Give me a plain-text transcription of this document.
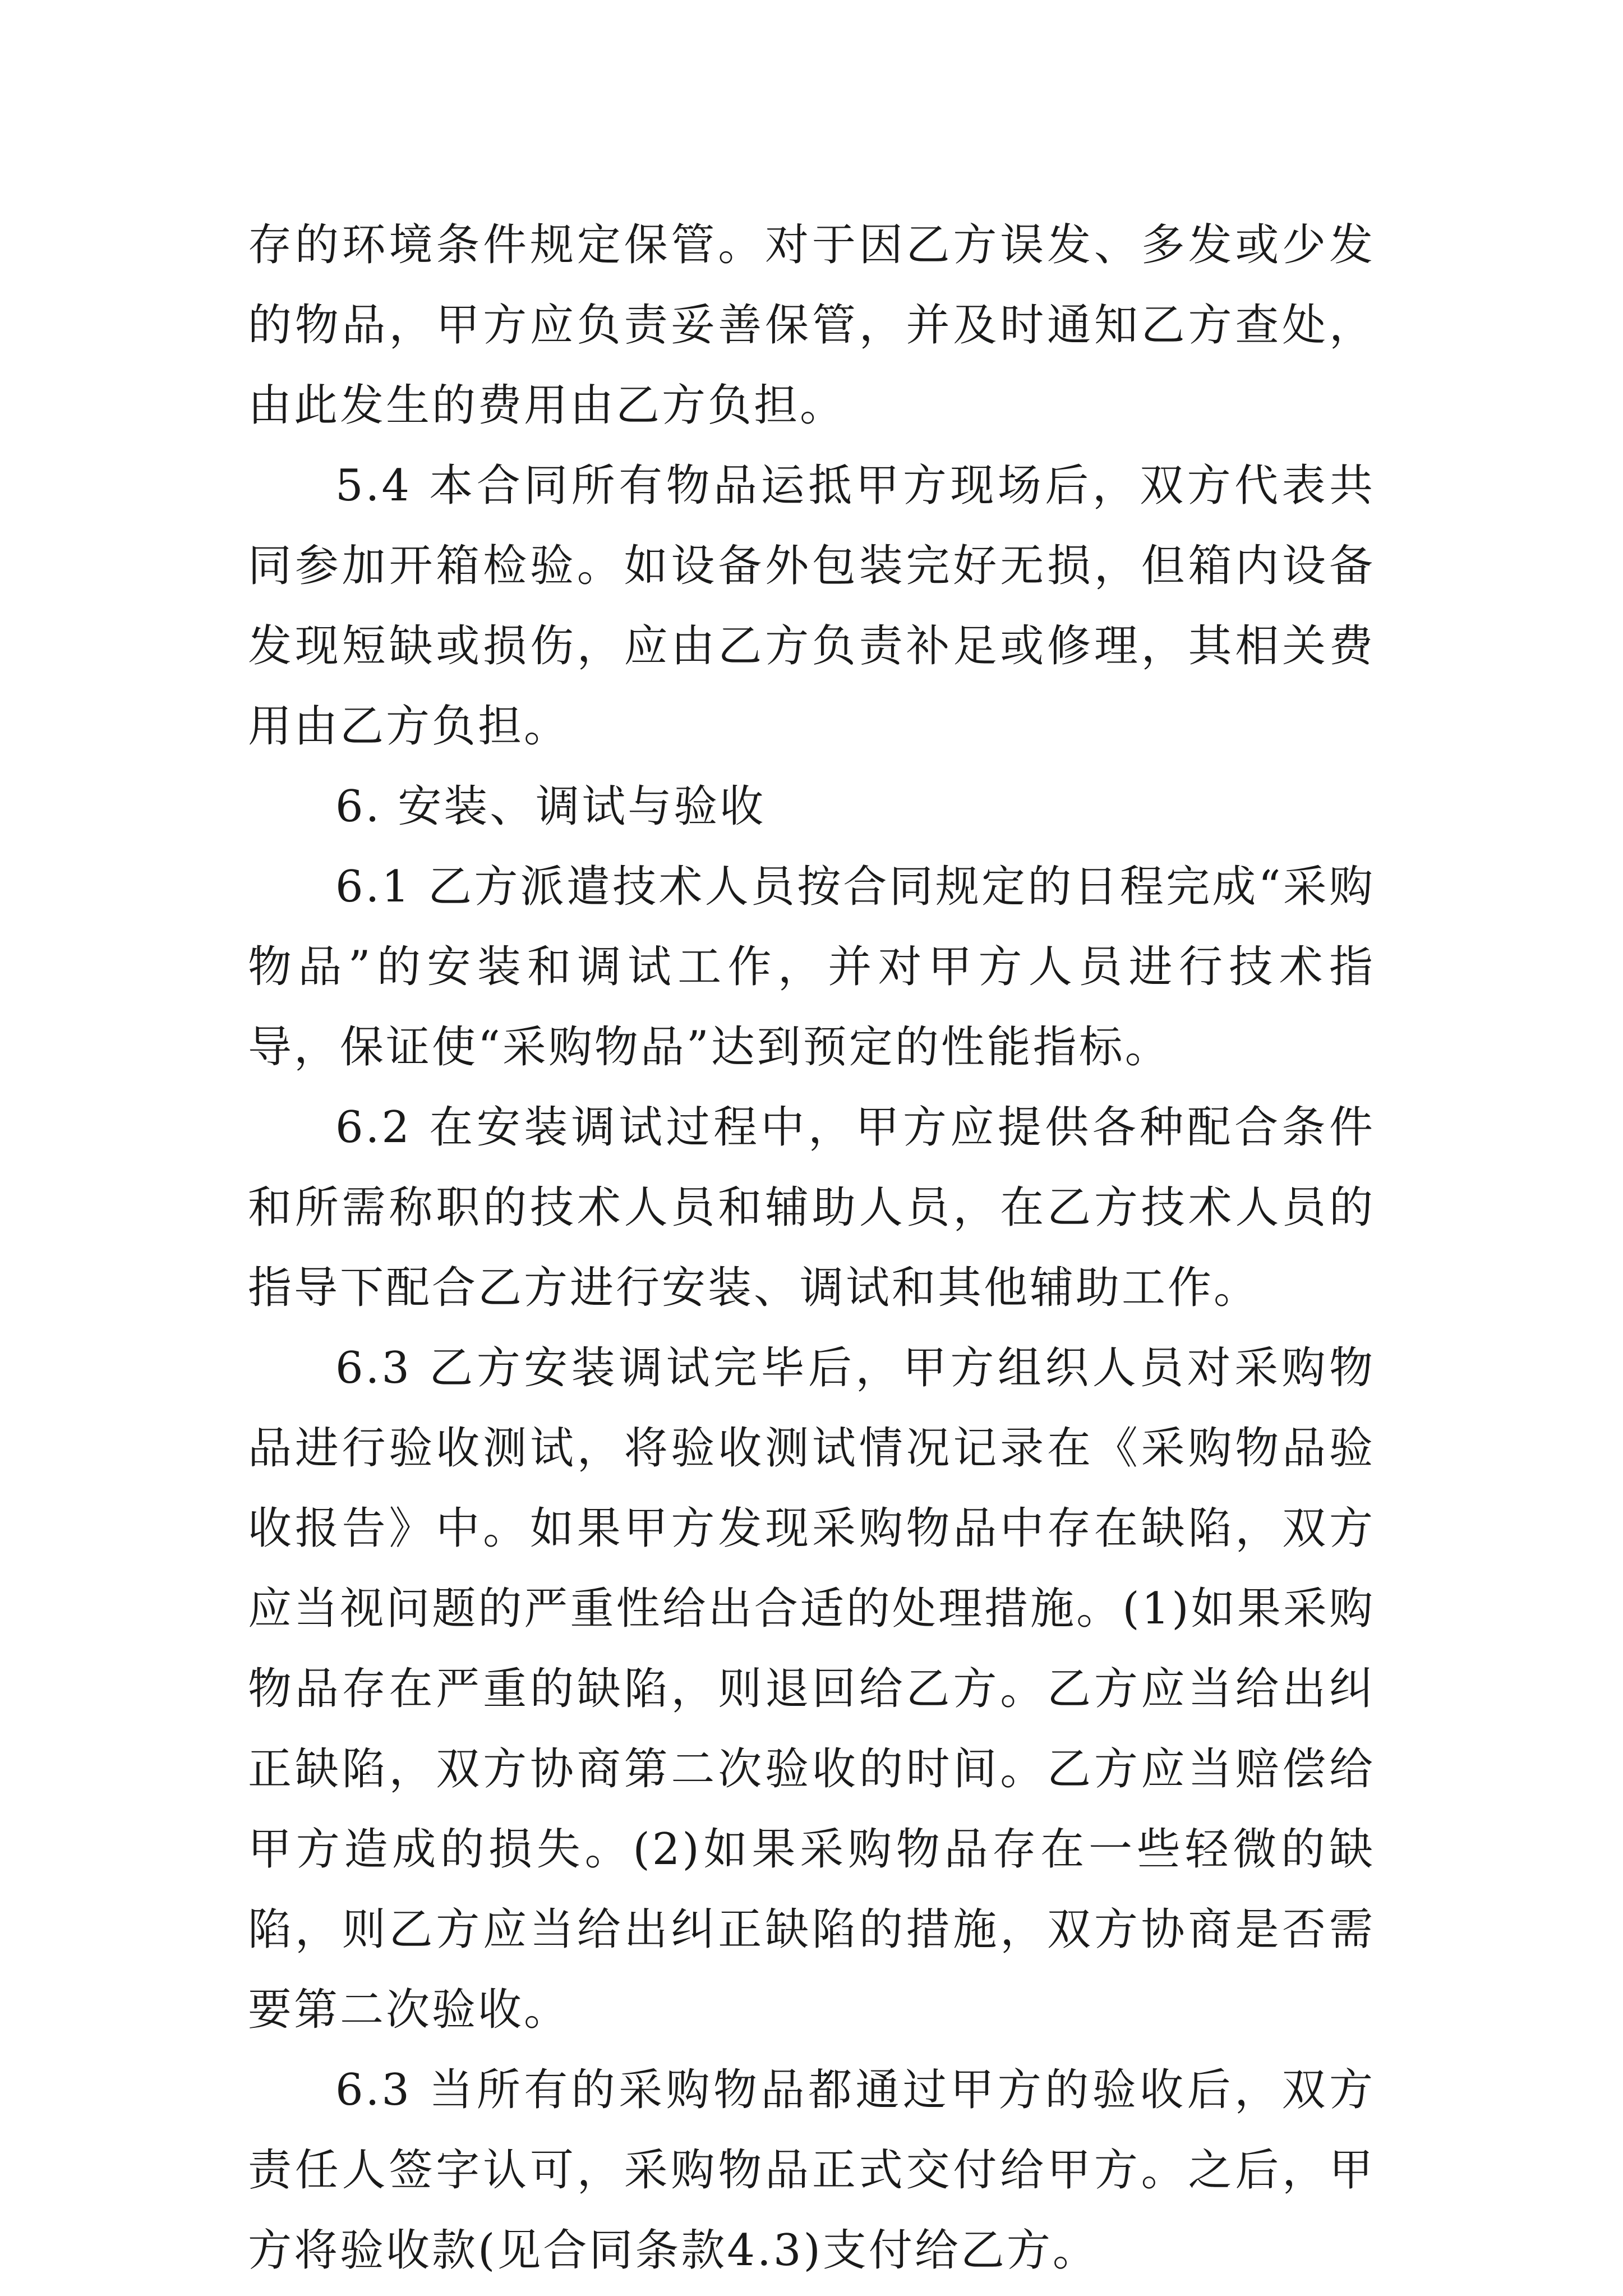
存的环境条件规定保管。对于因乙方误发、多发或少发的物品，甲方应负责妥善保管，并及时通知乙方查处，由此发生的费用由乙方负担。

5.4 本合同所有物品运抵甲方现场后，双方代表共同参加开箱检验。如设备外包装完好无损，但箱内设备发现短缺或损伤，应由乙方负责补足或修理，其相关费用由乙方负担。

6. 安装、调试与验收

6.1 乙方派遣技术人员按合同规定的日程完成“采购物品”的安装和调试工作，并对甲方人员进行技术指导，保证使“采购物品”达到预定的性能指标。

6.2 在安装调试过程中，甲方应提供各种配合条件和所需称职的技术人员和辅助人员，在乙方技术人员的指导下配合乙方进行安装、调试和其他辅助工作。

6.3 乙方安装调试完毕后，甲方组织人员对采购物品进行验收测试，将验收测试情况记录在《采购物品验收报告》中。如果甲方发现采购物品中存在缺陷，双方应当视问题的严重性给出合适的处理措施。(1)如果采购物品存在严重的缺陷，则退回给乙方。乙方应当给出纠正缺陷，双方协商第二次验收的时间。乙方应当赔偿给甲方造成的损失。(2)如果采购物品存在一些轻微的缺陷，则乙方应当给出纠正缺陷的措施，双方协商是否需要第二次验收。

6.3 当所有的采购物品都通过甲方的验收后，双方责任人签字认可，采购物品正式交付给甲方。之后，甲方将验收款(见合同条款4.3)支付给乙方。
